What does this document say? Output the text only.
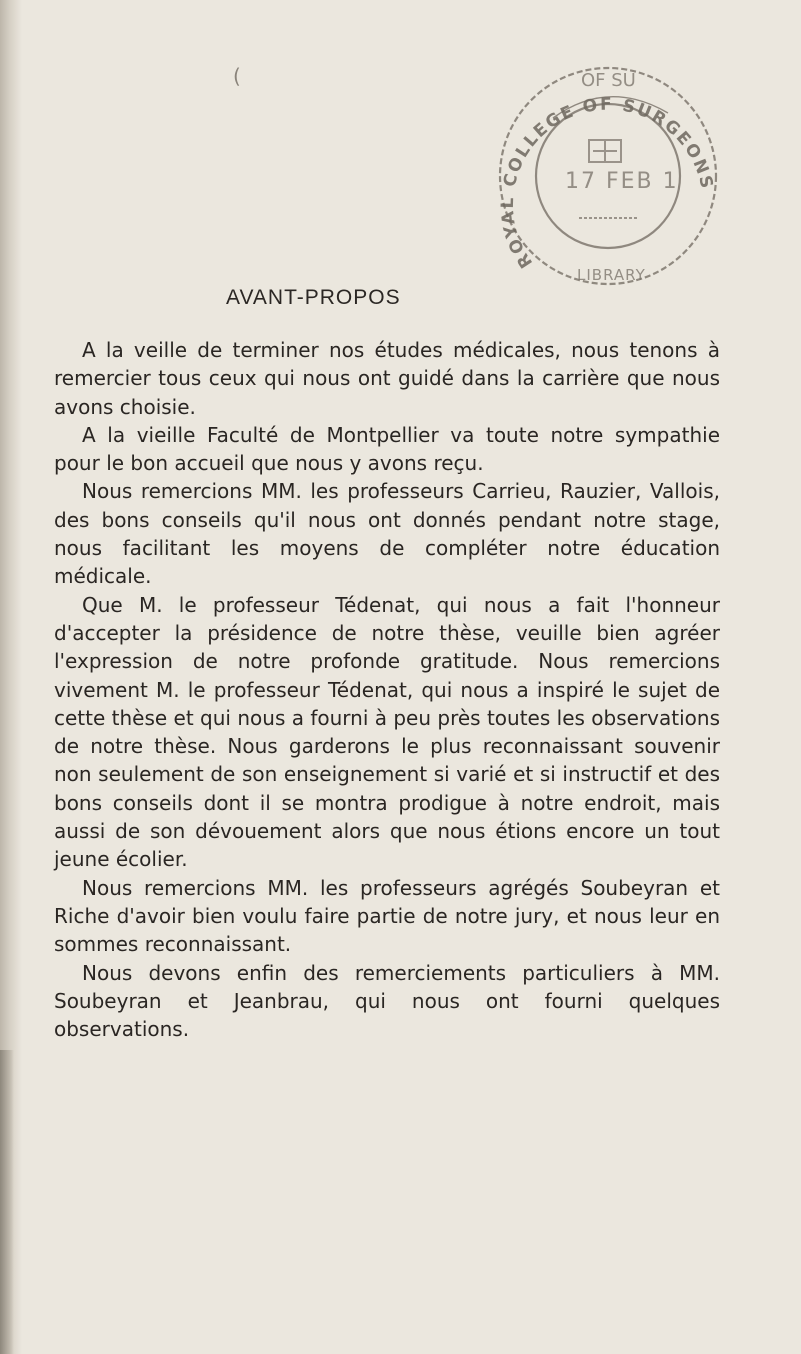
(
AVANT-PROPOS
ROYAL COLLEGE OF SURGEONS
OF SU
17 FEB 1
LIBRARY

A la veille de terminer nos études médicales, nous tenons à remercier tous ceux qui nous ont guidé dans la carrière que nous avons choisie.

A la vieille Faculté de Montpellier va toute notre sympathie pour le bon accueil que nous y avons reçu.

Nous remercions MM. les professeurs Carrieu, Rauzier, Vallois, des bons conseils qu'il nous ont donnés pendant notre stage, nous facilitant les moyens de compléter notre éducation médicale.

Que M. le professeur Tédenat, qui nous a fait l'honneur d'accepter la présidence de notre thèse, veuille bien agréer l'expression de notre profonde gratitude. Nous remercions vivement M. le professeur Tédenat, qui nous a inspiré le sujet de cette thèse et qui nous a fourni à peu près toutes les observations de notre thèse. Nous garderons le plus reconnaissant souvenir non seulement de son enseignement si varié et si instructif et des bons conseils dont il se montra prodigue à notre endroit, mais aussi de son dévouement alors que nous étions encore un tout jeune écolier.

Nous remercions MM. les professeurs agrégés Soubeyran et Riche d'avoir bien voulu faire partie de notre jury, et nous leur en sommes reconnaissant.

Nous devons enfin des remerciements particuliers à MM. Soubeyran et Jeanbrau, qui nous ont fourni quelques observations.
